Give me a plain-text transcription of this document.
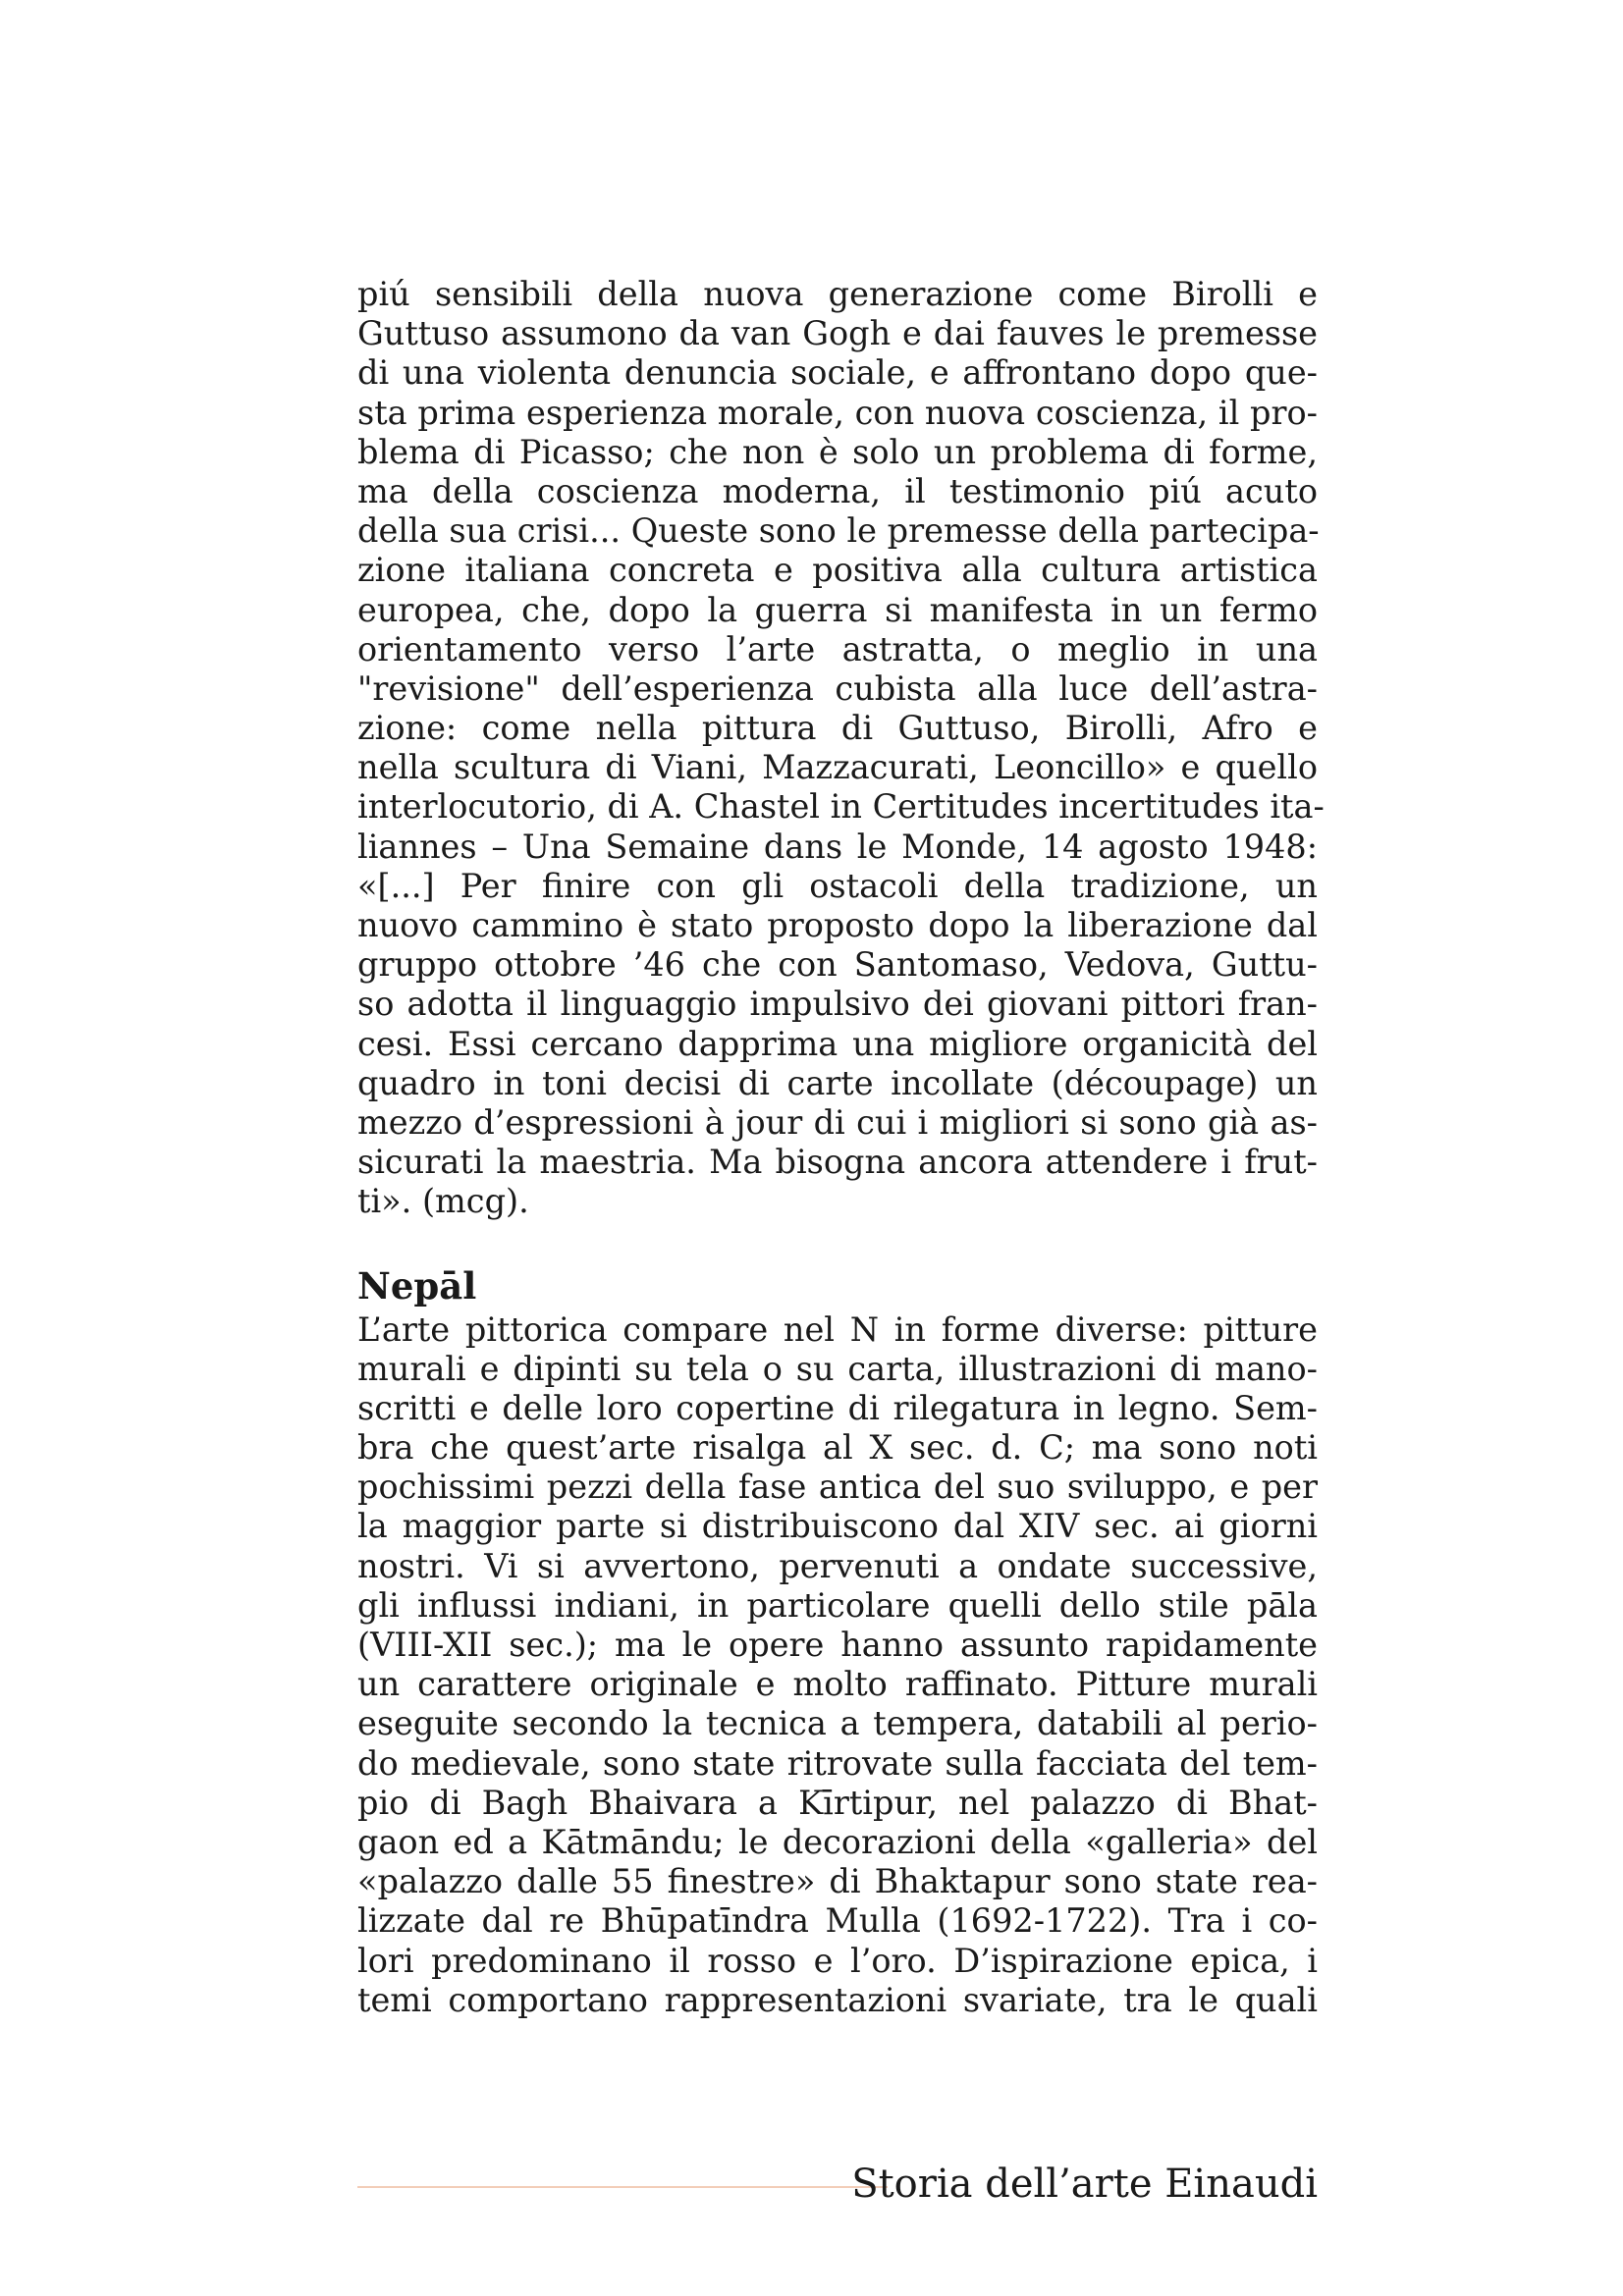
piú sensibili della nuova generazione come Birolli e
Guttuso assumono da van Gogh e dai fauves le premesse
di una violenta denuncia sociale, e affrontano dopo que-
sta prima esperienza morale, con nuova coscienza, il pro-
blema di Picasso; che non è solo un problema di forme,
ma della coscienza moderna, il testimonio piú acuto
della sua crisi... Queste sono le premesse della partecipa-
zione italiana concreta e positiva alla cultura artistica
europea, che, dopo la guerra si manifesta in un fermo
orientamento verso l’arte astratta, o meglio in una
"revisione" dell’esperienza cubista alla luce dell’astra-
zione: come nella pittura di Guttuso, Birolli, Afro e
nella scultura di Viani, Mazzacurati, Leoncillo» e quello
interlocutorio, di A. Chastel in Certitudes incertitudes ita-
liannes – Una Semaine dans le Monde, 14 agosto 1948:
«[...] Per finire con gli ostacoli della tradizione, un
nuovo cammino è stato proposto dopo la liberazione dal
gruppo ottobre ’46 che con Santomaso, Vedova, Guttu-
so adotta il linguaggio impulsivo dei giovani pittori fran-
cesi. Essi cercano dapprima una migliore organicità del
quadro in toni decisi di carte incollate (découpage) un
mezzo d’espressioni à jour di cui i migliori si sono già as-
sicurati la maestria. Ma bisogna ancora attendere i frut-
ti». (mcg).
Nepāl
L’arte pittorica compare nel N in forme diverse: pitture
murali e dipinti su tela o su carta, illustrazioni di mano-
scritti e delle loro copertine di rilegatura in legno. Sem-
bra che quest’arte risalga al X sec. d. C; ma sono noti
pochissimi pezzi della fase antica del suo sviluppo, e per
la maggior parte si distribuiscono dal XIV sec. ai giorni
nostri. Vi si avvertono, pervenuti a ondate successive,
gli influssi indiani, in particolare quelli dello stile pāla
(VIII-XII sec.); ma le opere hanno assunto rapidamente
un carattere originale e molto raffinato. Pitture murali
eseguite secondo la tecnica a tempera, databili al perio-
do medievale, sono state ritrovate sulla facciata del tem-
pio di Bagh Bhaivara a Kīrtipur, nel palazzo di Bhat-
gaon ed a Kātmāndu; le decorazioni della «galleria» del
«palazzo dalle 55 finestre» di Bhaktapur sono state rea-
lizzate dal re Bhūpatīndra Mulla (1692-1722). Tra i co-
lori predominano il rosso e l’oro. D’ispirazione epica, i
temi comportano rappresentazioni svariate, tra le quali
Storia dell’arte Einaudi
